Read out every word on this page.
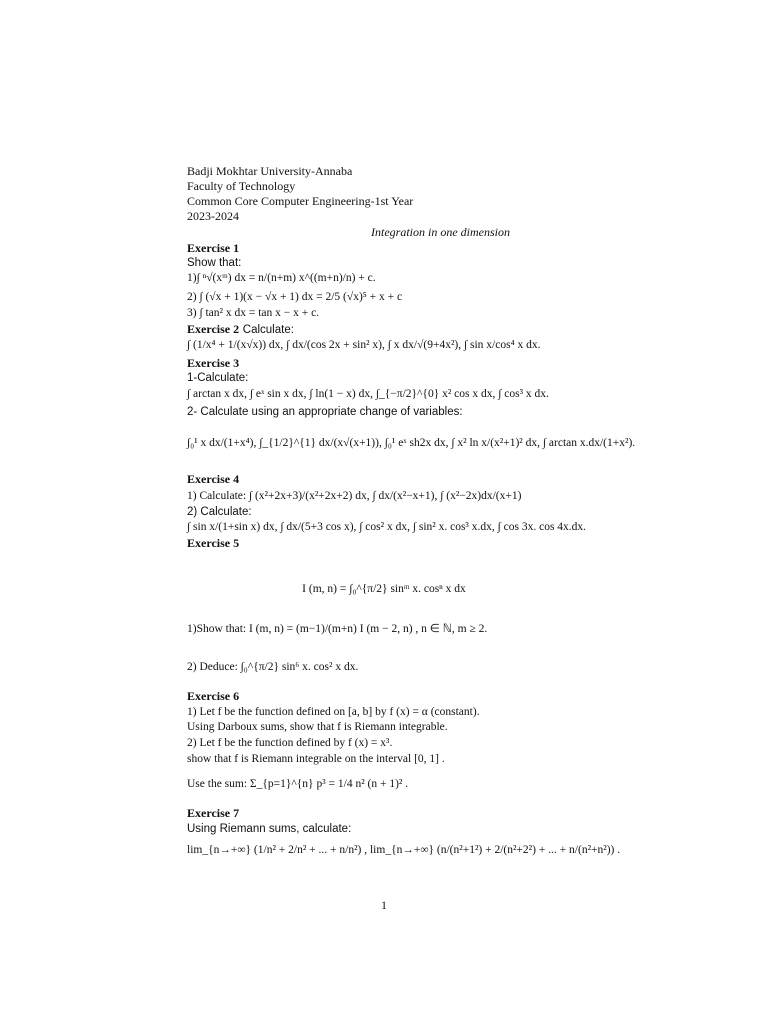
Badji Mokhtar University-Annaba
Faculty of Technology
Common Core Computer Engineering-1st Year
2023-2024
Integration in one dimension
Exercise 1
Show that:
1)∫ ⁿ√(xᵐ) dx = n/(n+m) x^((m+n)/n) + c.
2) ∫ (√x + 1)(x − √x + 1) dx = 2/5 (√x)⁵ + x + c
3) ∫ tan² x dx = tan x − x + c.
Exercise 2 Calculate:
∫ (1/x⁴ + 1/(x√x)) dx, ∫ dx/(cos 2x + sin² x), ∫ x dx/√(9+4x²), ∫ sin x/cos⁴ x dx.
Exercise 3
1-Calculate:
∫ arctan x dx, ∫ eˣ sin x dx, ∫ ln(1 − x) dx, ∫_{−π/2}^{0} x² cos x dx, ∫ cos³ x dx.
2- Calculate using an appropriate change of variables:
∫₀¹ x dx/(1+x⁴), ∫_{1/2}^{1} dx/(x√(x+1)), ∫₀¹ eˣ sh2x dx, ∫ x² ln x/(x²+1)² dx, ∫ arctan x.dx/(1+x²).
Exercise 4
1) Calculate: ∫ (x²+2x+3)/(x²+2x+2) dx, ∫ dx/(x²−x+1), ∫ (x²−2x)dx/(x+1)
2) Calculate:
∫ sin x/(1+sin x) dx, ∫ dx/(5+3 cos x), ∫ cos² x dx, ∫ sin² x. cos³ x.dx, ∫ cos 3x. cos 4x.dx.
Exercise 5
I (m, n) = ∫₀^{π/2} sinᵐ x. cosⁿ x dx
1)Show that: I (m, n) = (m−1)/(m+n) I (m − 2, n) , n ∈ ℕ, m ≥ 2.
2) Deduce: ∫₀^{π/2} sin⁶ x. cos² x dx.
Exercise 6
1) Let f be the function defined on [a, b] by f (x) = α (constant).
Using Darboux sums, show that f is Riemann integrable.
2) Let f be the function defined by f (x) = x³.
show that f is Riemann integrable on the interval [0, 1] .
Use the sum: Σ_{p=1}^{n} p³ = 1/4 n² (n + 1)² .
Exercise 7
Using Riemann sums, calculate:
lim_{n→+∞} (1/n² + 2/n² + ... + n/n²) , lim_{n→+∞} (n/(n²+1²) + 2/(n²+2²) + ... + n/(n²+n²)) .
1
